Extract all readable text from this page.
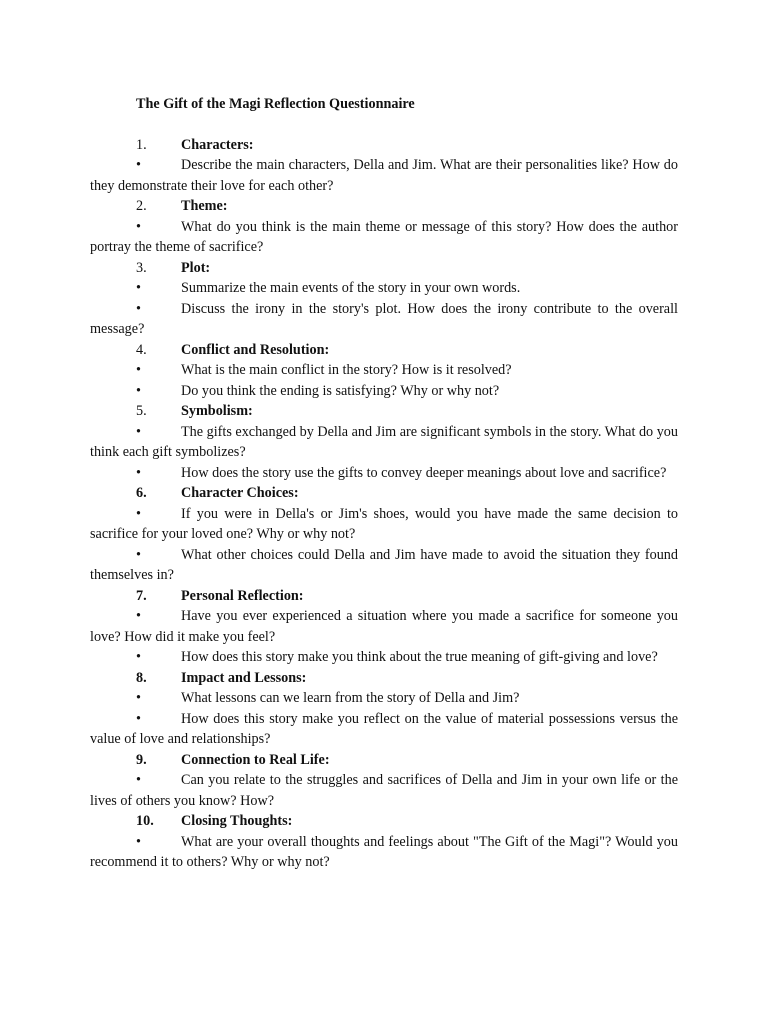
The Gift of the Magi Reflection Questionnaire
1. Characters:
•	Describe the main characters, Della and Jim. What are their personalities like? How do they demonstrate their love for each other?
2. Theme:
•	What do you think is the main theme or message of this story? How does the author portray the theme of sacrifice?
3. Plot:
•	Summarize the main events of the story in your own words.
•	Discuss the irony in the story's plot. How does the irony contribute to the overall message?
4. Conflict and Resolution:
•	What is the main conflict in the story? How is it resolved?
•	Do you think the ending is satisfying? Why or why not?
5. Symbolism:
•	The gifts exchanged by Della and Jim are significant symbols in the story. What do you think each gift symbolizes?
•	How does the story use the gifts to convey deeper meanings about love and sacrifice?
6. Character Choices:
•	If you were in Della's or Jim's shoes, would you have made the same decision to sacrifice for your loved one? Why or why not?
•	What other choices could Della and Jim have made to avoid the situation they found themselves in?
7. Personal Reflection:
•	Have you ever experienced a situation where you made a sacrifice for someone you love? How did it make you feel?
•	How does this story make you think about the true meaning of gift-giving and love?
8. Impact and Lessons:
•	What lessons can we learn from the story of Della and Jim?
•	How does this story make you reflect on the value of material possessions versus the value of love and relationships?
9. Connection to Real Life:
•	Can you relate to the struggles and sacrifices of Della and Jim in your own life or the lives of others you know? How?
10. Closing Thoughts:
•	What are your overall thoughts and feelings about "The Gift of the Magi"? Would you recommend it to others? Why or why not?
